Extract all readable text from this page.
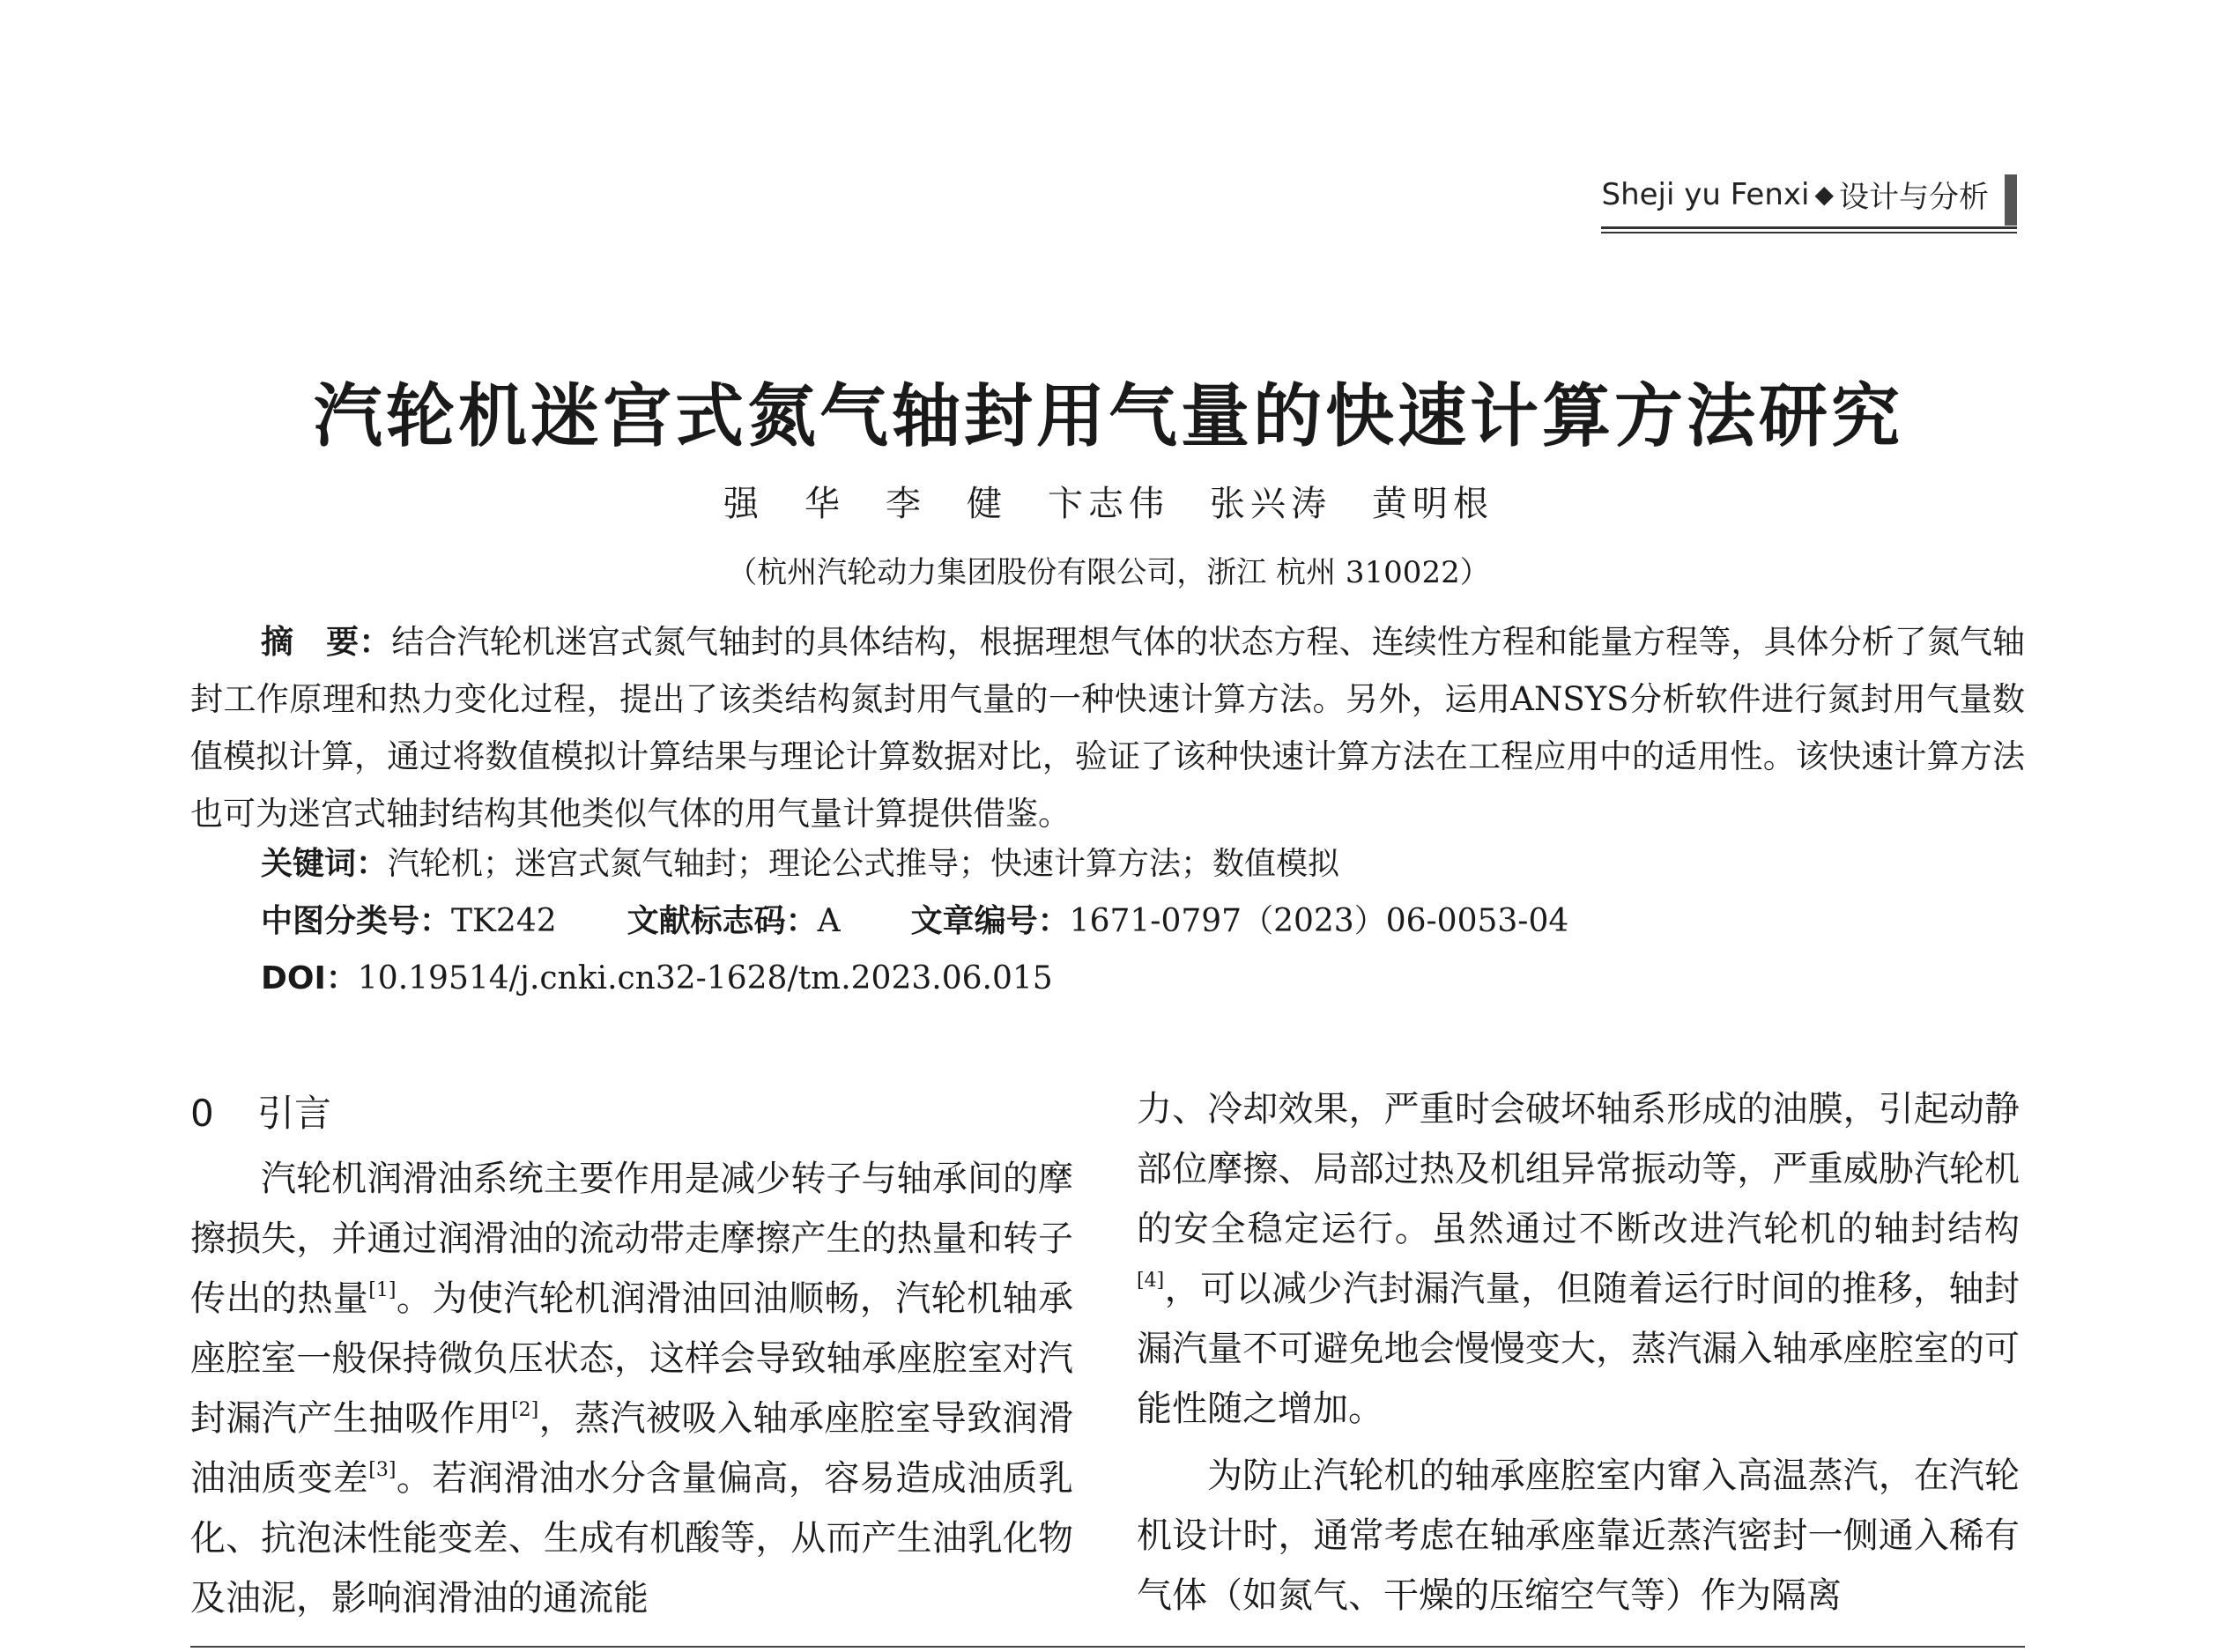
Sheji yu Fenxi ◆ 设计与分析
汽轮机迷宫式氮气轴封用气量的快速计算方法研究
强　华　李　健　卞志伟　张兴涛　黄明根
（杭州汽轮动力集团股份有限公司，浙江 杭州 310022）
摘　要：结合汽轮机迷宫式氮气轴封的具体结构，根据理想气体的状态方程、连续性方程和能量方程等，具体分析了氮气轴封工作原理和热力变化过程，提出了该类结构氮封用气量的一种快速计算方法。另外，运用ANSYS分析软件进行氮封用气量数值模拟计算，通过将数值模拟计算结果与理论计算数据对比，验证了该种快速计算方法在工程应用中的适用性。该快速计算方法也可为迷宫式轴封结构其他类似气体的用气量计算提供借鉴。
关键词：汽轮机；迷宫式氮气轴封；理论公式推导；快速计算方法；数值模拟
中图分类号：TK242 文献标志码：A 文章编号：1671-0797（2023）06-0053-04
DOI：10.19514/j.cnki.cn32-1628/tm.2023.06.015
0 引言

汽轮机润滑油系统主要作用是减少转子与轴承间的摩擦损失，并通过润滑油的流动带走摩擦产生的热量和转子传出的热量[1]。为使汽轮机润滑油回油顺畅，汽轮机轴承座腔室一般保持微负压状态，这样会导致轴承座腔室对汽封漏汽产生抽吸作用[2]，蒸汽被吸入轴承座腔室导致润滑油油质变差[3]。若润滑油水分含量偏高，容易造成油质乳化、抗泡沫性能变差、生成有机酸等，从而产生油乳化物及油泥，影响润滑油的通流能

力、冷却效果，严重时会破坏轴系形成的油膜，引起动静部位摩擦、局部过热及机组异常振动等，严重威胁汽轮机的安全稳定运行。虽然通过不断改进汽轮机的轴封结构[4]，可以减少汽封漏汽量，但随着运行时间的推移，轴封漏汽量不可避免地会慢慢变大，蒸汽漏入轴承座腔室的可能性随之增加。

为防止汽轮机的轴承座腔室内窜入高温蒸汽，在汽轮机设计时，通常考虑在轴承座靠近蒸汽密封一侧通入稀有气体（如氮气、干燥的压缩空气等）作为隔离
